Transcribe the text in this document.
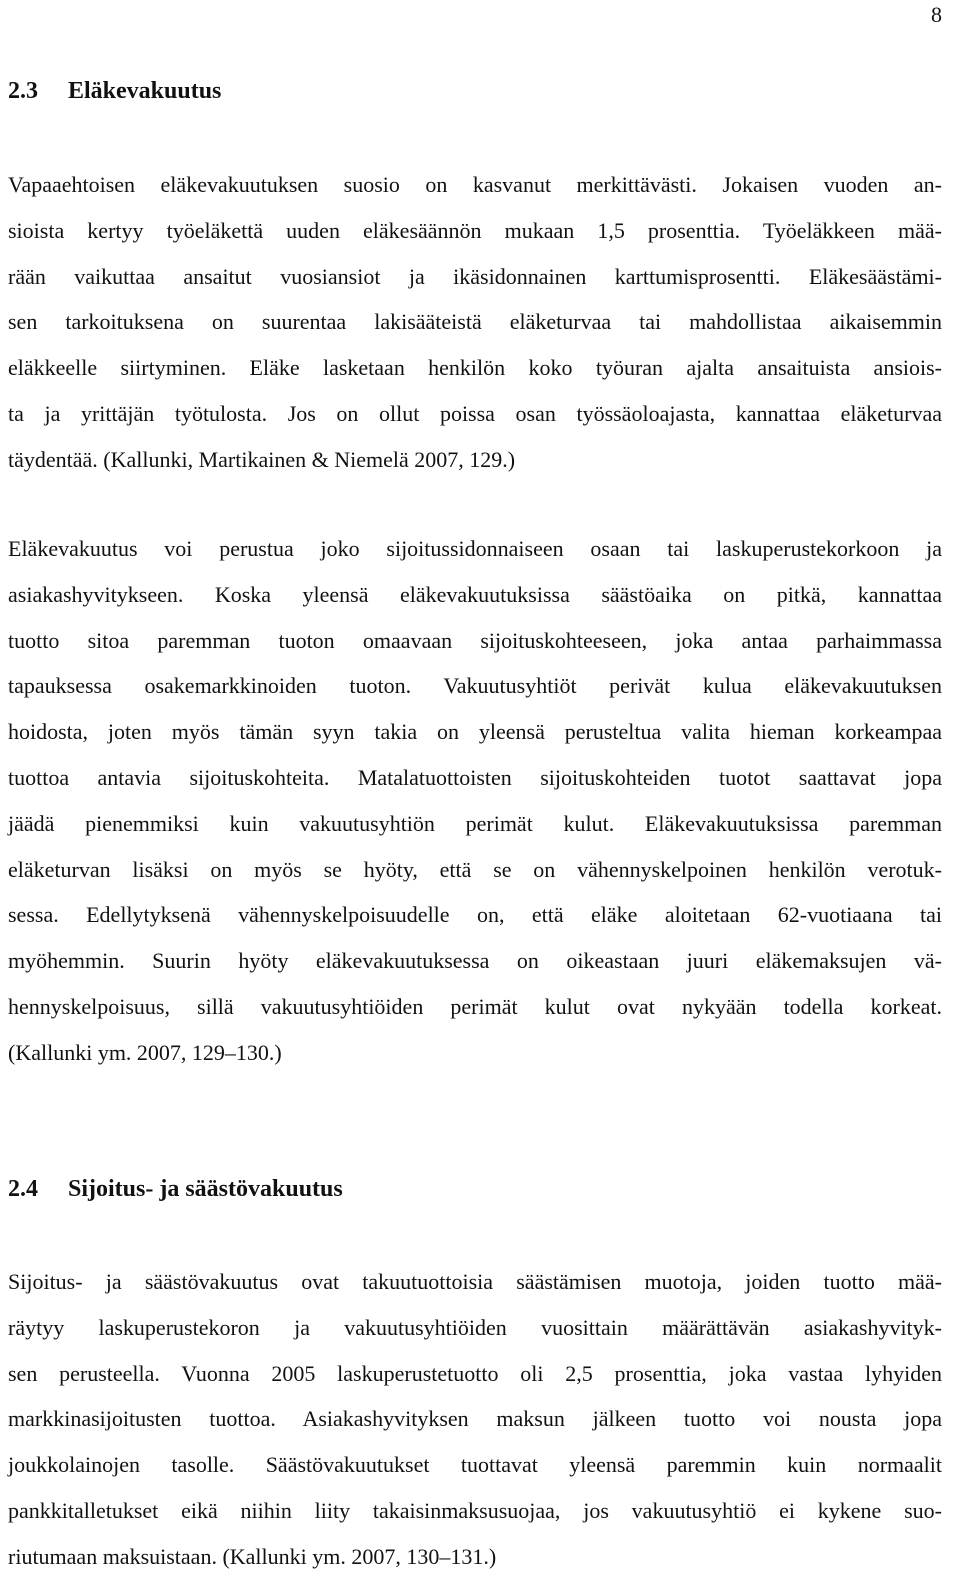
8
2.3 Eläkevakuutus
Vapaaehtoisen eläkevakuutuksen suosio on kasvanut merkittävästi. Jokaisen vuoden an-
sioista kertyy työeläkettä uuden eläkesäännön mukaan 1,5 prosenttia. Työeläkkeen mää-
rään vaikuttaa ansaitut vuosiansiot ja ikäsidonnainen karttumisprosentti. Eläkesäästämi-
sen tarkoituksena on suurentaa lakisääteistä eläketurvaa tai mahdollistaa aikaisemmin
eläkkeelle siirtyminen. Eläke lasketaan henkilön koko työuran ajalta ansaituista ansiois-
ta ja yrittäjän työtulosta. Jos on ollut poissa osan työssäoloajasta, kannattaa eläketurvaa
täydentää. (Kallunki, Martikainen & Niemelä 2007, 129.)
Eläkevakuutus voi perustua joko sijoitussidonnaiseen osaan tai laskuperustekorkoon ja
asiakashyvitykseen. Koska yleensä eläkevakuutuksissa säästöaika on pitkä, kannattaa
tuotto sitoa paremman tuoton omaavaan sijoituskohteeseen, joka antaa parhaimmassa
tapauksessa osakemarkkinoiden tuoton. Vakuutusyhtiöt perivät kulua eläkevakuutuksen
hoidosta, joten myös tämän syyn takia on yleensä perusteltua valita hieman korkeampaa
tuottoa antavia sijoituskohteita. Matalatuottoisten sijoituskohteiden tuotot saattavat jopa
jäädä pienemmiksi kuin vakuutusyhtiön perimät kulut. Eläkevakuutuksissa paremman
eläketurvan lisäksi on myös se hyöty, että se on vähennyskelpoinen henkilön verotuk-
sessa. Edellytyksenä vähennyskelpoisuudelle on, että eläke aloitetaan 62-vuotiaana tai
myöhemmin. Suurin hyöty eläkevakuutuksessa on oikeastaan juuri eläkemaksujen vä-
hennyskelpoisuus, sillä vakuutusyhtiöiden perimät kulut ovat nykyään todella korkeat.
(Kallunki ym. 2007, 129–130.)
2.4 Sijoitus- ja säästövakuutus
Sijoitus- ja säästövakuutus ovat takuutuottoisia säästämisen muotoja, joiden tuotto mää-
räytyy laskuperustekoron ja vakuutusyhtiöiden vuosittain määrättävän asiakashyvityk-
sen perusteella. Vuonna 2005 laskuperustetuotto oli 2,5 prosenttia, joka vastaa lyhyiden
markkinasijoitusten tuottoa. Asiakashyvityksen maksun jälkeen tuotto voi nousta jopa
joukkolainojen tasolle. Säästövakuutukset tuottavat yleensä paremmin kuin normaalit
pankkitalletukset eikä niihin liity takaisinmaksusuojaa, jos vakuutusyhtiö ei kykene suo-
riutumaan maksuistaan. (Kallunki ym. 2007, 130–131.)
